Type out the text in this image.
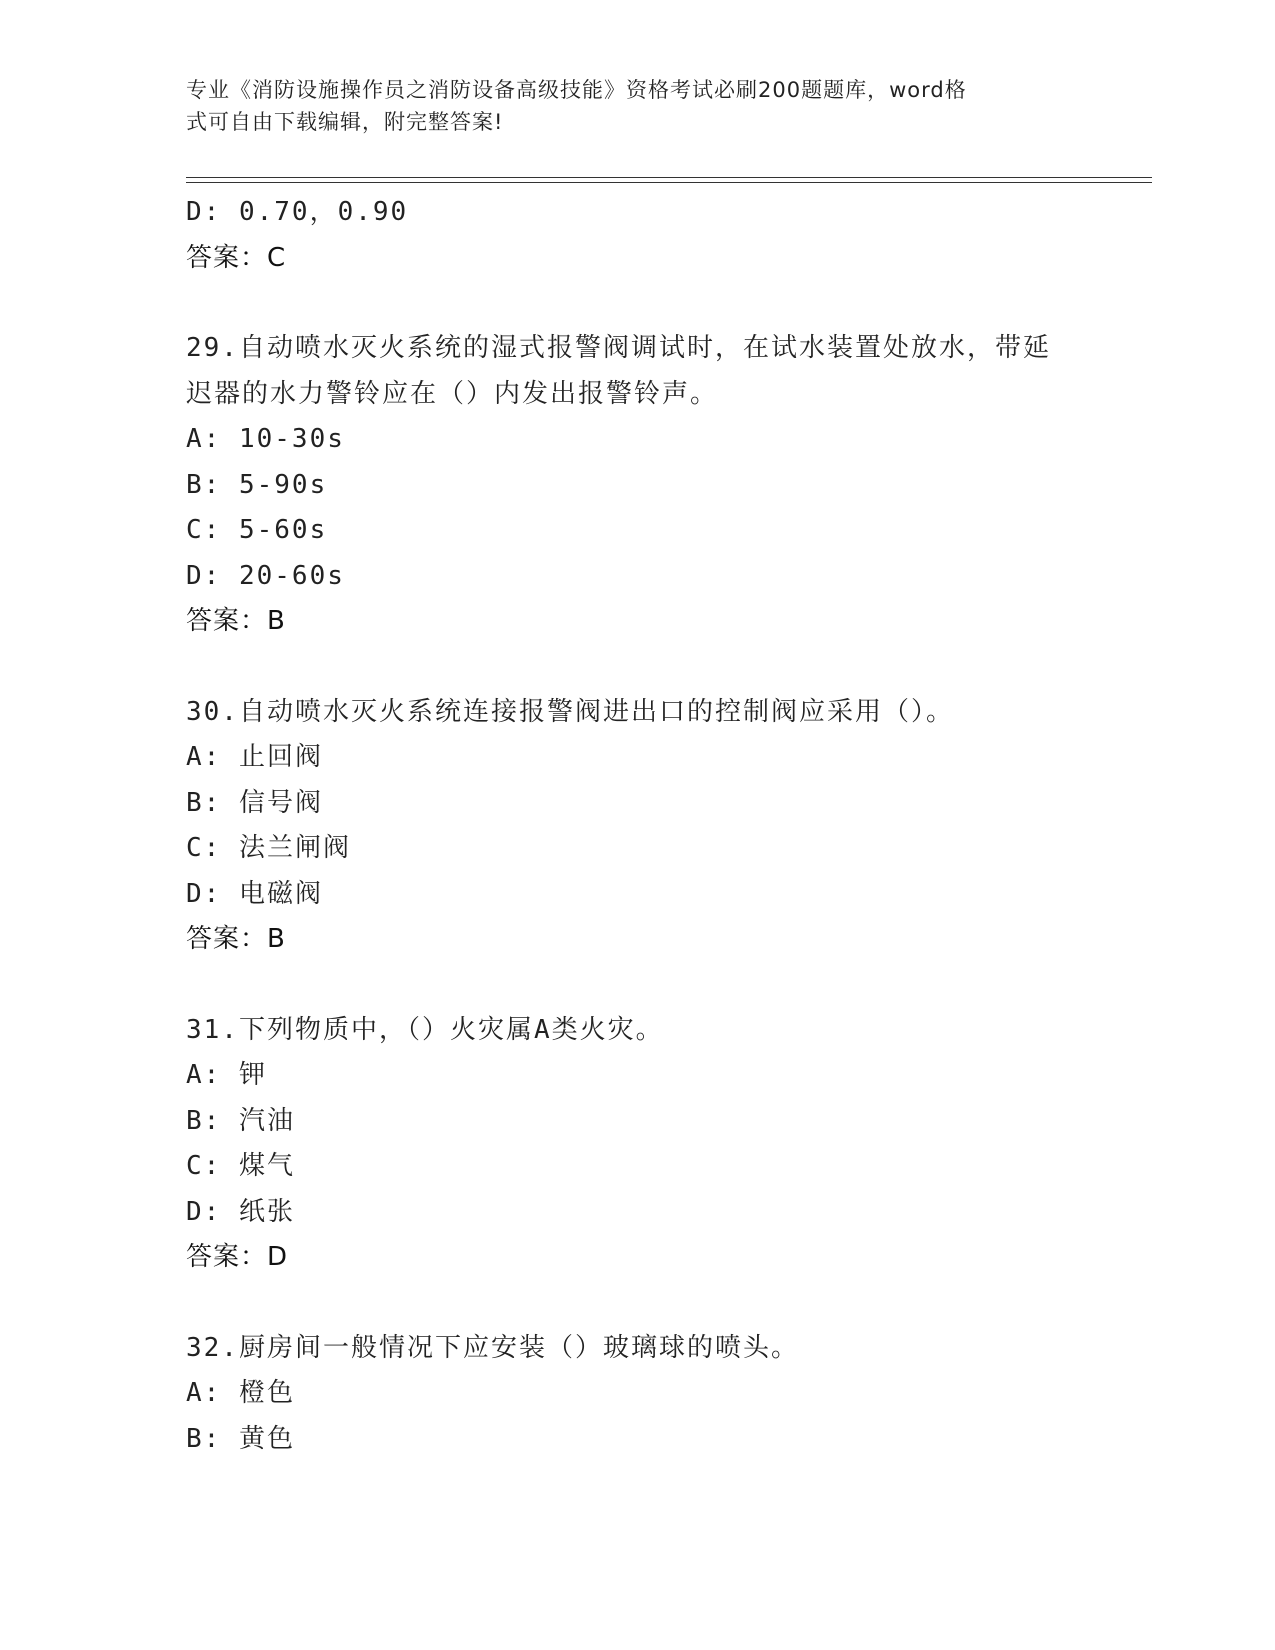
专业《消防设施操作员之消防设备高级技能》资格考试必刷200题题库，word格
式可自由下载编辑，附完整答案!
D: 0.70，0.90
答案：C
29.自动喷水灭火系统的湿式报警阀调试时，在试水装置处放水，带延
迟器的水力警铃应在（）内发出报警铃声。
A: 10-30s
B: 5-90s
C: 5-60s
D: 20-60s
答案：B
30.自动喷水灭火系统连接报警阀进出口的控制阀应采用（）。
A: 止回阀
B: 信号阀
C: 法兰闸阀
D: 电磁阀
答案：B
31.下列物质中，（）火灾属A类火灾。
A: 钾
B: 汽油
C: 煤气
D: 纸张
答案：D
32.厨房间一般情况下应安装（）玻璃球的喷头。
A: 橙色
B: 黄色
